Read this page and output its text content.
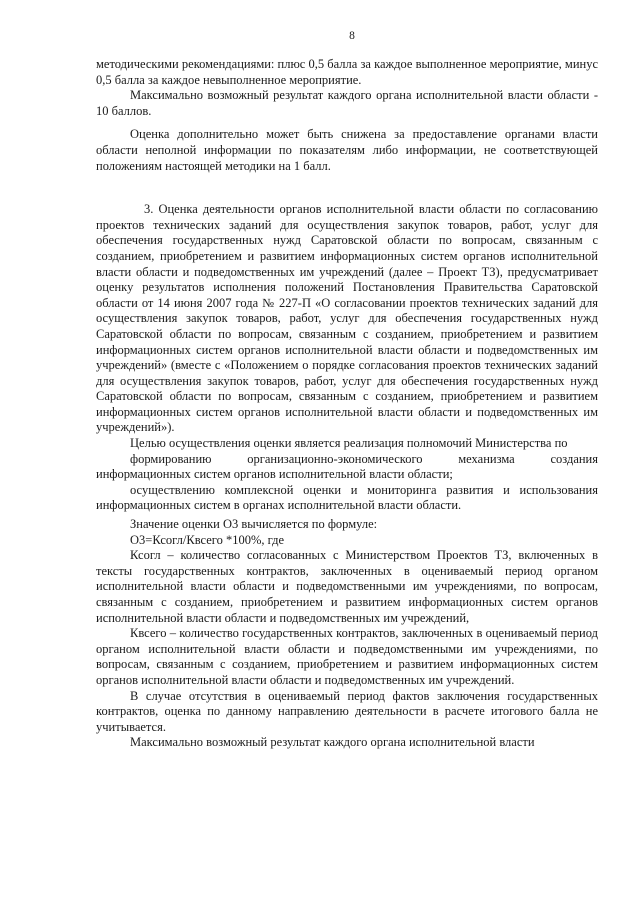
8

методическими рекомендациями: плюс 0,5 балла за каждое выполненное мероприятие, минус 0,5 балла за каждое невыполненное мероприятие.

Максимально возможный результат каждого органа исполнительной власти области - 10 баллов.

Оценка дополнительно может быть снижена за предоставление органами власти области неполной информации по показателям либо информации, не соответствующей положениям настоящей методики на 1 балл.

3. Оценка деятельности органов исполнительной власти области по согласованию проектов технических заданий для осуществления закупок товаров, работ, услуг для обеспечения государственных нужд Саратовской области по вопросам, связанным с созданием, приобретением и развитием информационных систем органов исполнительной власти области и подведомственных им учреждений (далее – Проект ТЗ), предусматривает оценку результатов исполнения положений Постановления Правительства Саратовской области от 14 июня 2007 года № 227-П «О согласовании проектов технических заданий для осуществления закупок товаров, работ, услуг для обеспечения государственных нужд Саратовской области по вопросам, связанным с созданием, приобретением и развитием информационных систем органов исполнительной власти области и подведомственных им учреждений» (вместе с «Положением о порядке согласования проектов технических заданий для осуществления закупок товаров, работ, услуг для обеспечения государственных нужд Саратовской области по вопросам, связанным с созданием, приобретением и развитием информационных систем органов исполнительной власти области и подведомственных им учреждений»).

Целью осуществления оценки является реализация полномочий Министерства по

формированию организационно-экономического механизма создания информационных систем органов исполнительной власти области;

осуществлению комплексной оценки и мониторинга развития и использования информационных систем в органах исполнительной власти области.

Значение оценки О3 вычисляется по формуле:

О3=Ксогл/Квсего *100%, где

Ксогл – количество согласованных с Министерством Проектов ТЗ, включенных в тексты государственных контрактов, заключенных в оцениваемый период органом исполнительной власти области и подведомственными им учреждениями, по вопросам, связанным с созданием, приобретением и развитием информационных систем органов исполнительной власти области и подведомственных им учреждений,

Квсего – количество государственных контрактов, заключенных в оцениваемый период органом исполнительной власти области и подведомственными им учреждениями, по вопросам, связанным с созданием, приобретением и развитием информационных систем органов исполнительной власти области и подведомственных им учреждений.

В случае отсутствия в оцениваемый период фактов заключения государственных контрактов, оценка по данному направлению деятельности в расчете итогового балла не учитывается.

Максимально возможный результат каждого органа исполнительной власти
